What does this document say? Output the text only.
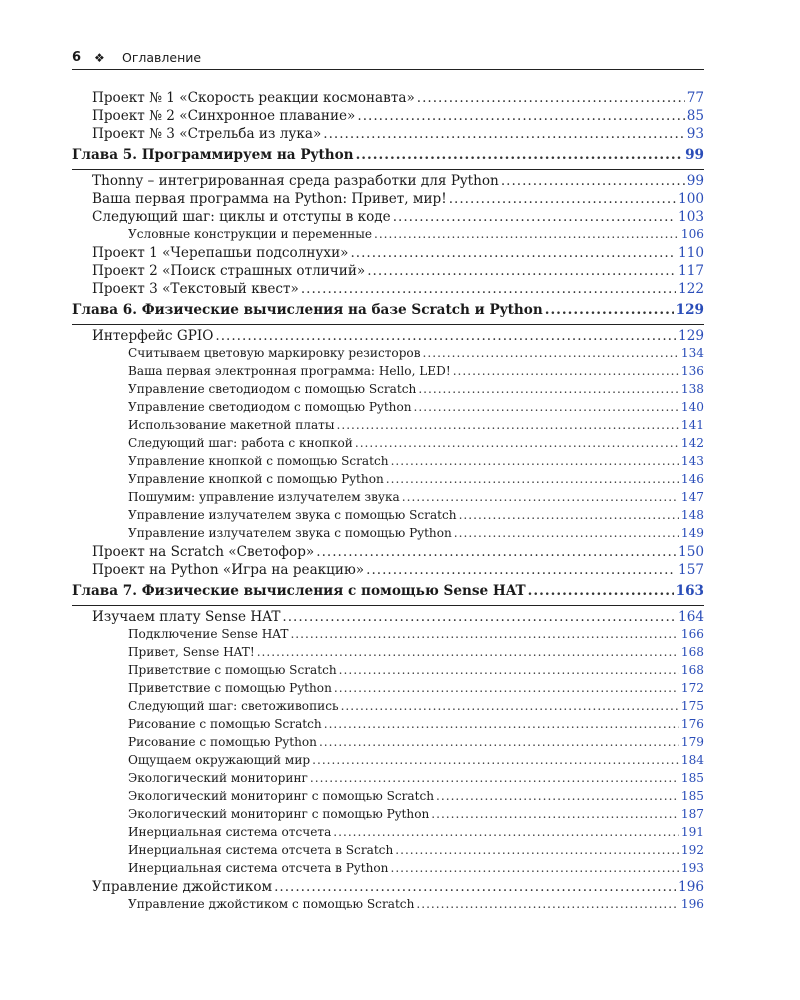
6	❖	Оглавление
Проект № 1 «Скорость реакции космонавта» .....	77
Проект № 2 «Синхронное плавание» .....	85
Проект № 3 «Стрельба из лука» .....	93
Глава 5. Программируем на Python .....	99
Thonny – интегрированная среда разработки для Python .....	99
Ваша первая программа на Python: Привет, мир! .....	100
Следующий шаг: циклы и отступы в коде .....	103
Условные конструкции и переменные .....	106
Проект 1 «Черепашьи подсолнухи» .....	110
Проект 2 «Поиск страшных отличий» .....	117
Проект 3 «Текстовый квест» .....	122
Глава 6. Физические вычисления на базе Scratch и Python .....	129
Интерфейс GPIO .....	129
Считываем цветовую маркировку резисторов .....	134
Ваша первая электронная программа: Hello, LED! .....	136
Управление светодиодом с помощью Scratch .....	138
Управление светодиодом с помощью Python .....	140
Использование макетной платы .....	141
Следующий шаг: работа с кнопкой .....	142
Управление кнопкой с помощью Scratch .....	143
Управление кнопкой с помощью Python .....	146
Пошумим: управление излучателем звука .....	147
Управление излучателем звука с помощью Scratch .....	148
Управление излучателем звука с помощью Python .....	149
Проект на Scratch «Светофор» .....	150
Проект на Python «Игра на реакцию» .....	157
Глава 7. Физические вычисления с помощью Sense HAT .....	163
Изучаем плату Sense HAT .....	164
Подключение Sense HAT .....	166
Привет, Sense HAT! .....	168
Приветствие с помощью Scratch .....	168
Приветствие с помощью Python .....	172
Следующий шаг: светоживопись .....	175
Рисование с помощью Scratch .....	176
Рисование с помощью Python .....	179
Ощущаем окружающий мир .....	184
Экологический мониторинг .....	185
Экологический мониторинг с помощью Scratch .....	185
Экологический мониторинг с помощью Python .....	187
Инерциальная система отсчета .....	191
Инерциальная система отсчета в Scratch .....	192
Инерциальная система отсчета в Python .....	193
Управление джойстиком .....	196
Управление джойстиком с помощью Scratch .....	196
